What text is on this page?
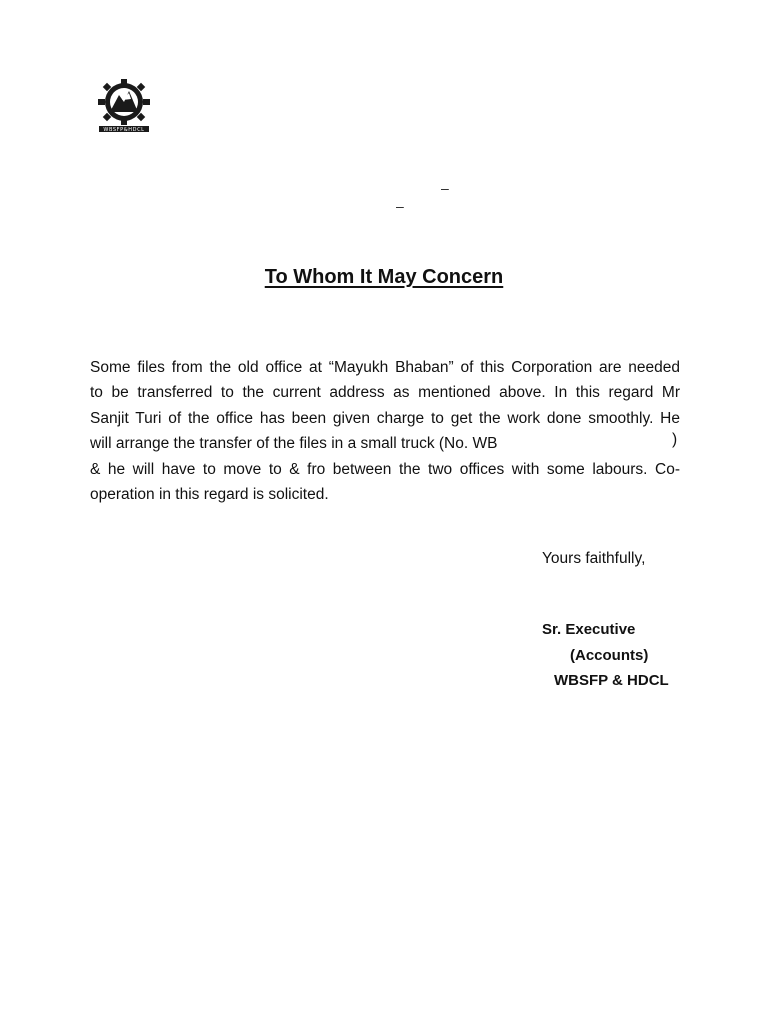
WBSFP&HDCL
–
–
To Whom It May Concern
Some files from the old office at “Mayukh Bhaban” of this Corporation are needed
to be transferred to the current address as mentioned above. In this regard Mr
Sanjit Turi of the office has been given charge to get the work done smoothly. He
will arrange the transfer of the files in a small truck (No. WB
& he will have to move to & fro between the two offices with some labours. Co-
operation in this regard is solicited.
)
Yours faithfully,
Sr. Executive
(Accounts)
WBSFP & HDCL
